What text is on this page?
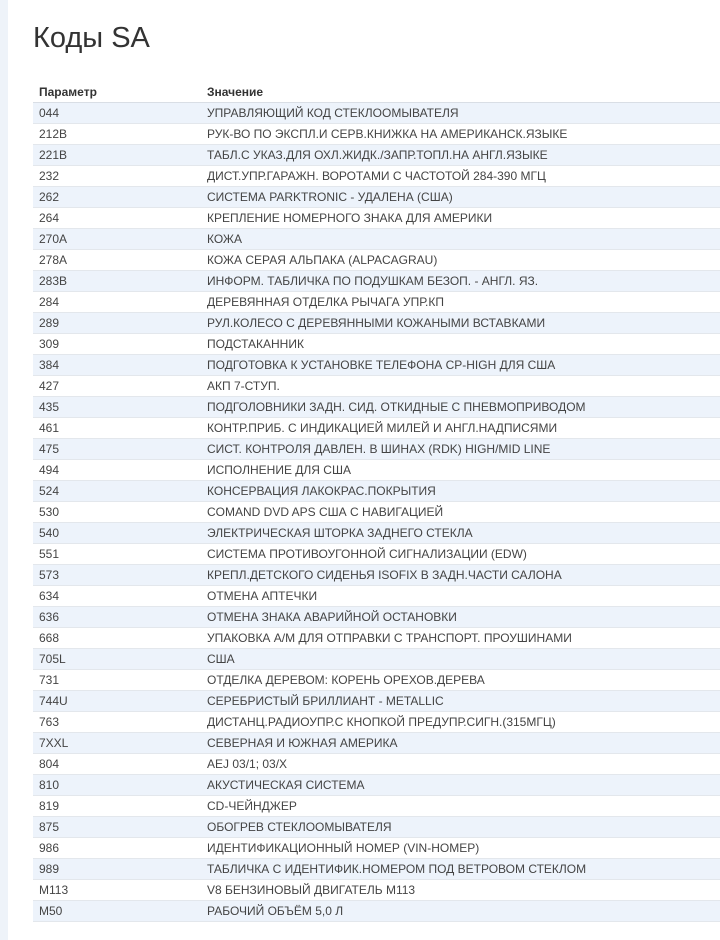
Коды SA
Параметр	Значение
044	УПРАВЛЯЮЩИЙ КОД СТЕКЛООМЫВАТЕЛЯ
212B	РУК-ВО ПО ЭКСПЛ.И СЕРВ.КНИЖКА НА АМЕРИКАНСК.ЯЗЫКЕ
221B	ТАБЛ.С УКАЗ.ДЛЯ ОХЛ.ЖИДК./ЗАПР.ТОПЛ.НА АНГЛ.ЯЗЫКЕ
232	ДИСТ.УПР.ГАРАЖН. ВОРОТАМИ С ЧАСТОТОЙ 284-390 МГЦ
262	СИСТЕМА PARKTRONIC - УДАЛЕНА (США)
264	КРЕПЛЕНИЕ НОМЕРНОГО ЗНАКА ДЛЯ АМЕРИКИ
270A	КОЖА
278A	КОЖА СЕРАЯ АЛЬПАКА (ALPACAGRAU)
283B	ИНФОРМ. ТАБЛИЧКА ПО ПОДУШКАМ БЕЗОП. - АНГЛ. ЯЗ.
284	ДЕРЕВЯННАЯ ОТДЕЛКА РЫЧАГА УПР.КП
289	РУЛ.КОЛЕСО С ДЕРЕВЯННЫМИ КОЖАНЫМИ ВСТАВКАМИ
309	ПОДСТАКАННИК
384	ПОДГОТОВКА К УСТАНОВКЕ ТЕЛЕФОНА CP-HIGH ДЛЯ США
427	АКП 7-СТУП.
435	ПОДГОЛОВНИКИ ЗАДН. СИД. ОТКИДНЫЕ С ПНЕВМОПРИВОДОМ
461	КОНТР.ПРИБ. С ИНДИКАЦИЕЙ МИЛЕЙ И АНГЛ.НАДПИСЯМИ
475	СИСТ. КОНТРОЛЯ ДАВЛЕН. В ШИНАХ (RDK) HIGH/MID LINE
494	ИСПОЛНЕНИЕ ДЛЯ США
524	КОНСЕРВАЦИЯ ЛАКОКРАС.ПОКРЫТИЯ
530	COMAND DVD APS США С НАВИГАЦИЕЙ
540	ЭЛЕКТРИЧЕСКАЯ ШТОРКА ЗАДНЕГО СТЕКЛА
551	СИСТЕМА ПРОТИВОУГОННОЙ СИГНАЛИЗАЦИИ (EDW)
573	КРЕПЛ.ДЕТСКОГО СИДЕНЬЯ ISOFIX В ЗАДН.ЧАСТИ САЛОНА
634	ОТМЕНА АПТЕЧКИ
636	ОТМЕНА ЗНАКА АВАРИЙНОЙ ОСТАНОВКИ
668	УПАКОВКА А/М ДЛЯ ОТПРАВКИ С ТРАНСПОРТ. ПРОУШИНАМИ
705L	США
731	ОТДЕЛКА ДЕРЕВОМ: КОРЕНЬ ОРЕХОВ.ДЕРЕВА
744U	СЕРЕБРИСТЫЙ БРИЛЛИАНТ - METALLIC
763	ДИСТАНЦ.РАДИОУПР.С КНОПКОЙ ПРЕДУПР.СИГН.(315МГЦ)
7XXL	СЕВЕРНАЯ И ЮЖНАЯ АМЕРИКА
804	AEJ 03/1; 03/X
810	АКУСТИЧЕСКАЯ СИСТЕМА
819	CD-ЧЕЙНДЖЕР
875	ОБОГРЕВ СТЕКЛООМЫВАТЕЛЯ
986	ИДЕНТИФИКАЦИОННЫЙ НОМЕР (VIN-НОМЕР)
989	ТАБЛИЧКА С ИДЕНТИФИК.НОМЕРОМ ПОД ВЕТРОВОМ СТЕКЛОМ
M113	V8 БЕНЗИНОВЫЙ ДВИГАТЕЛЬ M113
M50	РАБОЧИЙ ОБЪЁМ 5,0 Л
